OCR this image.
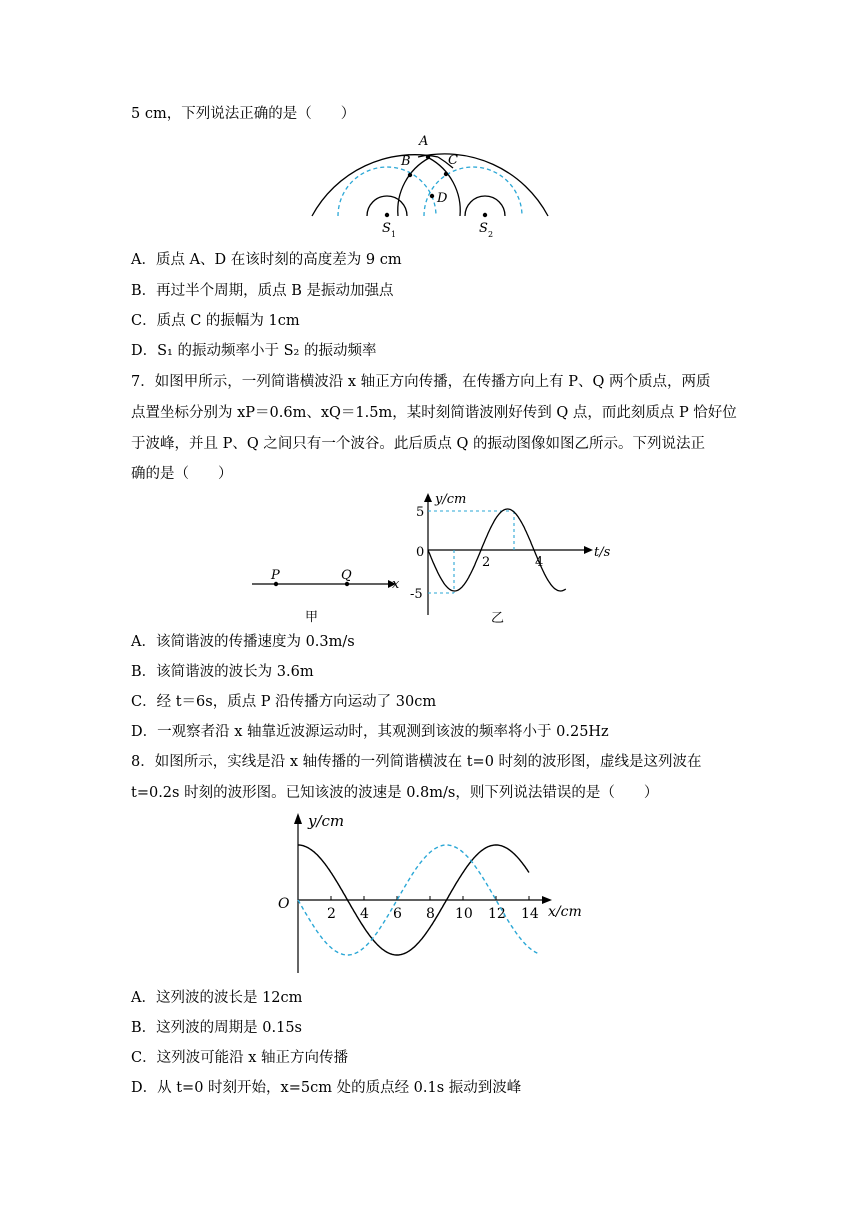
5 cm，下列说法正确的是（　　）
A
B	C
D
S 1	S 2
A．质点 A、D 在该时刻的高度差为 9 cm
B．再过半个周期，质点 B 是振动加强点
C．质点 C 的振幅为 1cm
D．S₁ 的振动频率小于 S₂ 的振动频率
7．如图甲所示，一列简谐横波沿 x 轴正方向传播，在传播方向上有 P、Q 两个质点，两质
点置坐标分别为 xP＝0.6m、xQ＝1.5m，某时刻简谐波刚好传到 Q 点，而此刻质点 P 恰好位
于波峰，并且 P、Q 之间只有一个波谷。此后质点 Q 的振动图像如图乙所示。下列说法正
确的是（　　）
P	Q
x
甲
y/cm
t/s
0
5
-5
2	4
乙
A．该简谐波的传播速度为 0.3m/s
B．该简谐波的波长为 3.6m
C．经 t＝6s，质点 P 沿传播方向运动了 30cm
D．一观察者沿 x 轴靠近波源运动时，其观测到该波的频率将小于 0.25Hz
8．如图所示，实线是沿 x 轴传播的一列简谐横波在 t=0 时刻的波形图，虚线是这列波在
t=0.2s 时刻的波形图。已知该波的波速是 0.8m/s，则下列说法错误的是（　　）
y/cm
x/cm
O
2 4 6 8 10 12 14
A．这列波的波长是 12cm
B．这列波的周期是 0.15s
C．这列波可能沿 x 轴正方向传播
D．从 t=0 时刻开始，x=5cm 处的质点经 0.1s 振动到波峰
